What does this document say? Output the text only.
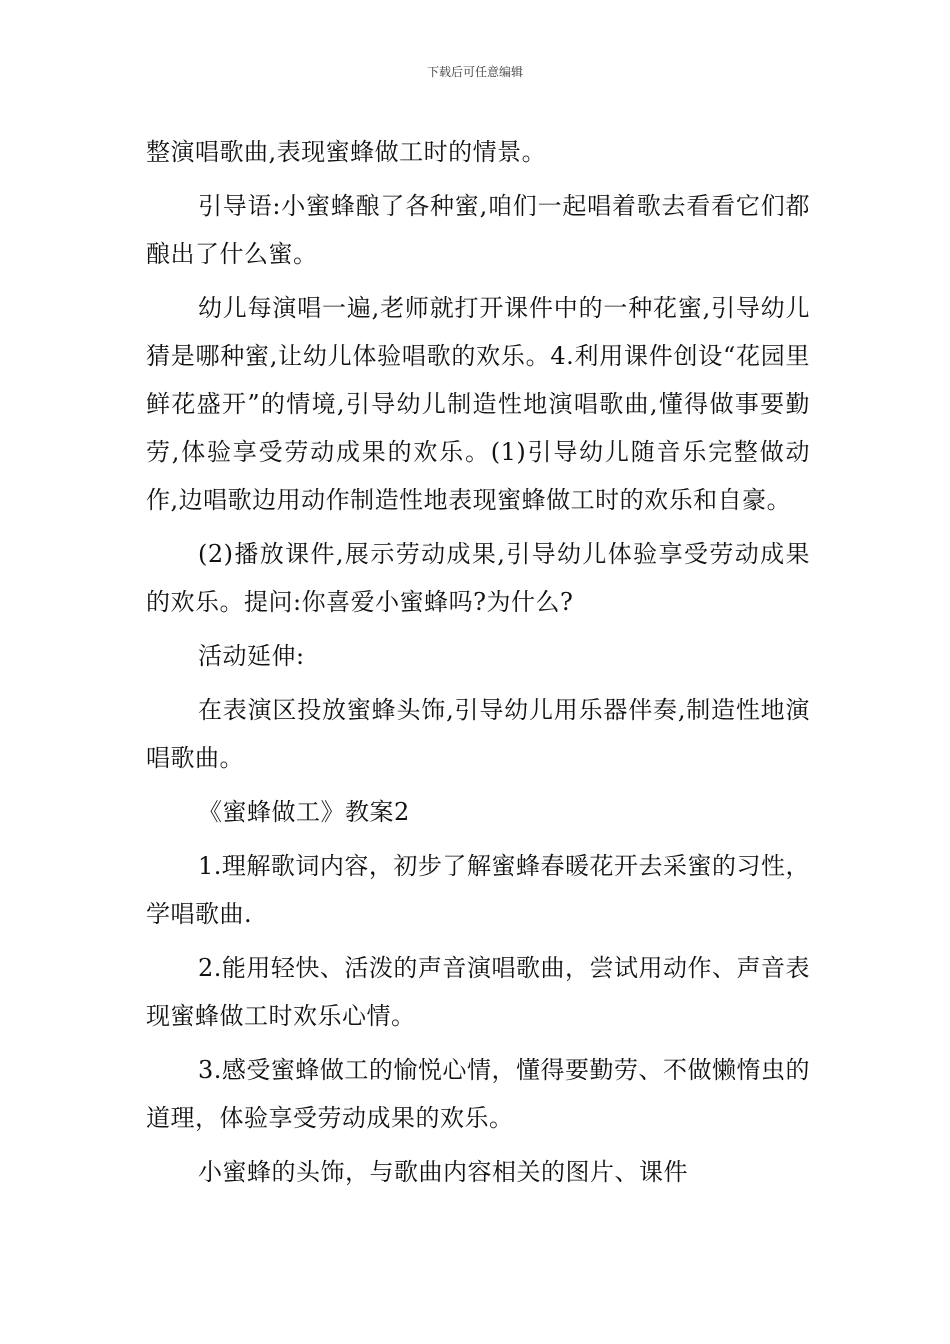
下载后可任意编辑

整演唱歌曲,表现蜜蜂做工时的情景。

引导语:小蜜蜂酿了各种蜜,咱们一起唱着歌去看看它们都酿出了什么蜜。

幼儿每演唱一遍,老师就打开课件中的一种花蜜,引导幼儿猜是哪种蜜,让幼儿体验唱歌的欢乐。4.利用课件创设“花园里鲜花盛开”的情境,引导幼儿制造性地演唱歌曲,懂得做事要勤劳,体验享受劳动成果的欢乐。(1)引导幼儿随音乐完整做动作,边唱歌边用动作制造性地表现蜜蜂做工时的欢乐和自豪。

(2)播放课件,展示劳动成果,引导幼儿体验享受劳动成果的欢乐。提问:你喜爱小蜜蜂吗?为什么?

活动延伸:

在表演区投放蜜蜂头饰,引导幼儿用乐器伴奏,制造性地演唱歌曲。

《蜜蜂做工》教案2

1.理解歌词内容，初步了解蜜蜂春暖花开去采蜜的习性，学唱歌曲.

2.能用轻快、活泼的声音演唱歌曲，尝试用动作、声音表现蜜蜂做工时欢乐心情。

3.感受蜜蜂做工的愉悦心情，懂得要勤劳、不做懒惰虫的道理，体验享受劳动成果的欢乐。

小蜜蜂的头饰，与歌曲内容相关的图片、课件
